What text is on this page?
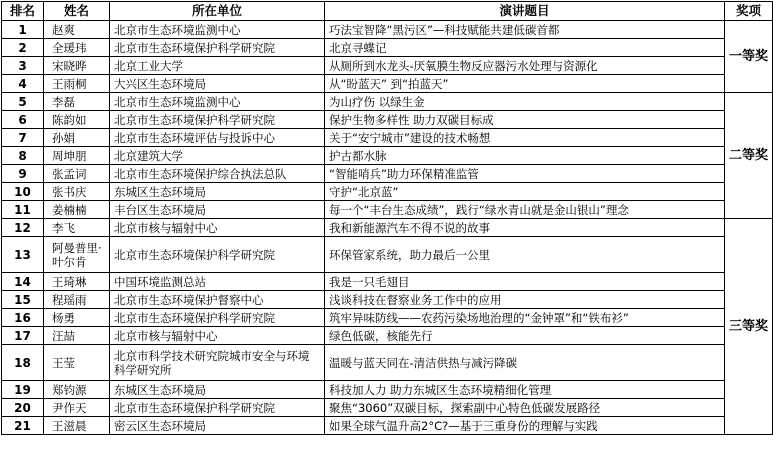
排名	姓名	所在单位	演讲题目	奖项
1	赵爽	北京市生态环境监测中心	巧法宝智降“黑污区”—科技赋能共建低碳首都	一等奖
2	全瑗玮	北京市生态环境保护科学研究院	北京寻蝶记	
3	宋晓晔	北京工业大学	从厕所到水龙头-厌氧膜生物反应器污水处理与资源化	
4	王雨桐	大兴区生态环境局	从“盼蓝天” 到“拍蓝天”	
5	李磊	北京市生态环境监测中心	为山疗伤 以绿生金	二等奖
6	陈韵如	北京市生态环境保护科学研究院	保护生物多样性 助力双碳目标成	
7	孙娟	北京市生态环境评估与投诉中心	关于“安宁城市”建设的技术畅想	
8	周坤朋	北京建筑大学	护古都水脉	
9	张孟词	北京市生态环境保护综合执法总队	“智能哨兵”助力环保精准监管	
10	张书庆	东城区生态环境局	守护“北京蓝”	
11	姜楠楠	丰台区生态环境局	每一个“丰台生态成绩”，践行“绿水青山就是金山银山”理念	
12	李飞	北京市核与辐射中心	我和新能源汽车不得不说的故事	三等奖
13	阿曼普里·叶尔肯	北京市生态环境保护科学研究院	环保管家系统，助力最后一公里	
14	王琦琳	中国环境监测总站	我是一只毛翅目	
15	程瑶雨	北京市生态环境保护督察中心	浅谈科技在督察业务工作中的应用	
16	杨勇	北京市生态环境保护科学研究院	筑牢异味防线——农药污染场地治理的“金钟罩”和“铁布衫”	
17	汪喆	北京市核与辐射中心	绿色低碳，核能先行	
18	王莹	北京市科学技术研究院城市安全与环境科学研究所	温暖与蓝天同在-清洁供热与减污降碳	
19	郑钧源	东城区生态环境局	科技加人力 助力东城区生态环境精细化管理	
20	尹作天	北京市生态环境保护科学研究院	聚焦“3060”双碳目标，探索副中心特色低碳发展路径	
21	王滋晨	密云区生态环境局	如果全球气温升高2°C?—基于三重身份的理解与实践	
